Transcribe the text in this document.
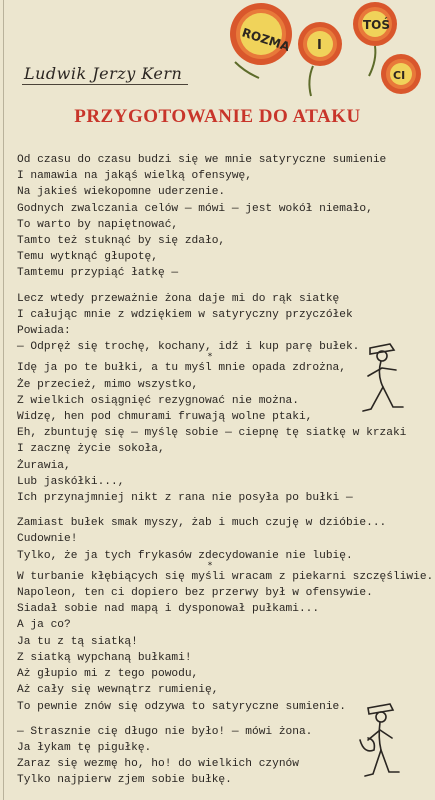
ROZMA I
TOŚ
CI
Ludwik Jerzy Kern
PRZYGOTOWANIE DO ATAKU
Od czasu do czasu budzi się we mnie satyryczne sumienie
I namawia na jakąś wielką ofensywę,
Na jakieś wiekopomne uderzenie.
Godnych zwalczania celów — mówi — jest wokół niemało,
To warto by napiętnować,
Tamto też stuknąć by się zdało,
Temu wytknąć głupotę,
Tamtemu przypiąć łatkę —
Lecz wtedy przeważnie żona daje mi do rąk siatkę
I całując mnie z wdziękiem w satyryczny przyczółek
Powiada:
— Odpręż się trochę, kochany, idź i kup parę bułek.
*
Idę ja po te bułki, a tu myśl mnie opada zdrożna,
Że przecież, mimo wszystko,
Z wielkich osiągnięć rezygnować nie można.
Widzę, hen pod chmurami fruwają wolne ptaki,
Eh, zbuntuję się — myślę sobie — ciepnę tę siatkę w krzaki
I zacznę życie sokoła,
Żurawia,
Lub jaskółki...,
Ich przynajmniej nikt z rana nie posyła po bułki —
Zamiast bułek smak myszy, żab i much czuję w dzióbie...
Cudownie!
Tylko, że ja tych frykasów zdecydowanie nie lubię.
*
W turbanie kłębiących się myśli wracam z piekarni szczęśliwie.
Napoleon, ten ci dopiero bez przerwy był w ofensywie.
Siadał sobie nad mapą i dysponował pułkami...
A ja co?
Ja tu z tą siatką!
Z siatką wypchaną bułkami!
Aż głupio mi z tego powodu,
Aż cały się wewnątrz rumienię,
To pewnie znów się odzywa to satyryczne sumienie.
— Strasznie cię długo nie było! — mówi żona.
Ja łykam tę pigułkę.
Zaraz się wezmę ho, ho! do wielkich czynów
Tylko najpierw zjem sobie bułkę.
